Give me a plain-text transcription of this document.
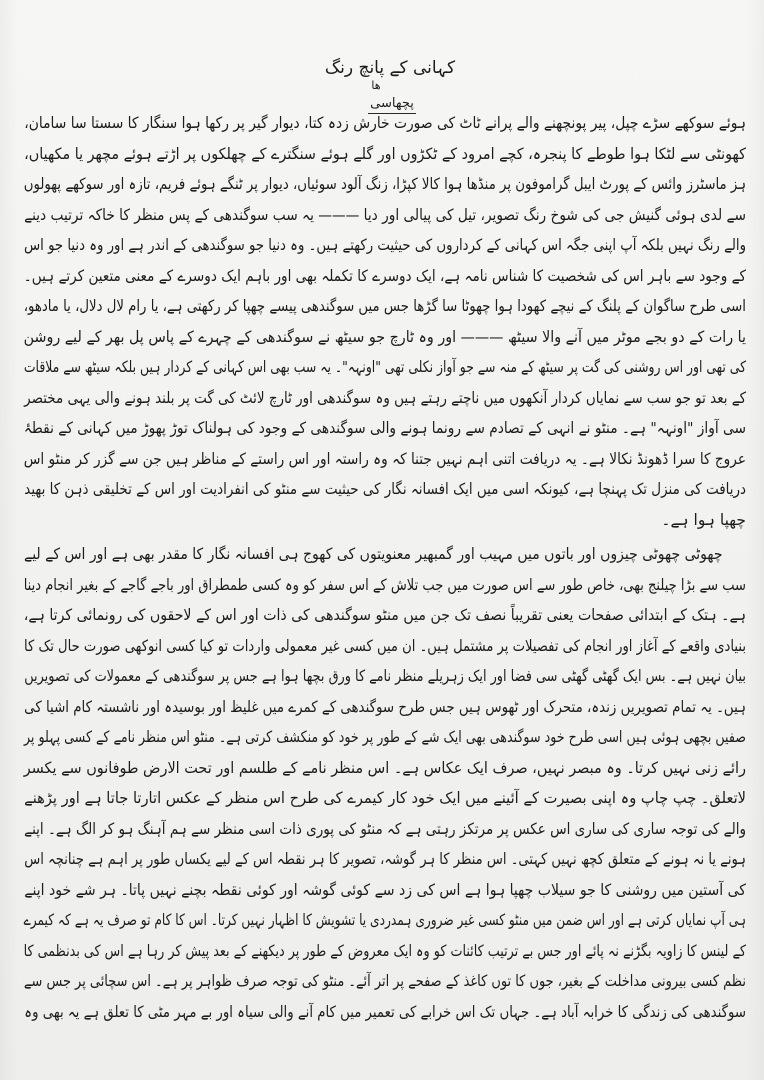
کہانی کے پانچ رنگ
ھا
پچھاسی
ہوئے سوکھے سڑے چپل، پیر پونچھنے والے پرانے ٹاٹ کی صورت خارش زدہ کتا، دیوار گیر پر رکھا ہوا سنگار کا سستا سا سامان،
کھونٹی سے لٹکا ہوا طوطے کا پنجرہ، کچے امرود کے ٹکڑوں اور گلے ہوئے سنگترے کے چھلکوں پر اڑتے ہوئے مچھر یا مکھیاں،
ہز ماسٹرز وائس کے پورٹ ایبل گراموفون پر منڈھا ہوا کالا کپڑا، زنگ آلود سوئیاں، دیوار پر ٹنگے ہوئے فریم، تازہ اور سوکھے پھولوں
سے لدی ہوئی گنیش جی کی شوخ رنگ تصویر، تیل کی پیالی اور دیا ——— یہ سب سوگندھی کے پس منظر کا خاکہ ترتیب دینے
والے رنگ نہیں بلکہ آپ اپنی جگہ اس کہانی کے کرداروں کی حیثیت رکھتے ہیں۔ وہ دنیا جو سوگندھی کے اندر ہے اور وہ دنیا جو اس
کے وجود سے باہر اس کی شخصیت کا شناس نامہ ہے، ایک دوسرے کا تکملہ بھی اور باہم ایک دوسرے کے معنی متعین کرتے ہیں۔
اسی طرح ساگوان کے پلنگ کے نیچے کھودا ہوا چھوٹا سا گڑھا جس میں سوگندھی پیسے چھپا کر رکھتی ہے، یا رام لال دلال، یا مادھو،
یا رات کے دو بجے موٹر میں آنے والا سیٹھ ——— اور وہ ٹارچ جو سیٹھ نے سوگندھی کے چہرے کے پاس پل بھر کے لیے روشن
کی تھی اور اس روشنی کی گت پر سیٹھ کے منہ سے جو آواز نکلی تھی "اونہہ"۔ یہ سب بھی اس کہانی کے کردار ہیں بلکہ سیٹھ سے ملاقات
کے بعد تو جو سب سے نمایاں کردار آنکھوں میں ناچتے رہتے ہیں وہ سوگندھی اور ٹارچ لائٹ کی گت پر بلند ہونے والی یہی مختصر
سی آواز "اونہہ" ہے۔ منٹو نے انہی کے تصادم سے رونما ہونے والی سوگندھی کے وجود کی ہولناک توڑ پھوڑ میں کہانی کے نقطۂ
عروج کا سرا ڈھونڈ نکالا ہے۔ یہ دریافت اتنی اہم نہیں جتنا کہ وہ راستہ اور اس راستے کے مناظر ہیں جن سے گزر کر منٹو اس
دریافت کی منزل تک پہنچا ہے، کیونکہ اسی میں ایک افسانہ نگار کی حیثیت سے منٹو کی انفرادیت اور اس کے تخلیقی ذہن کا بھید
چھپا ہوا ہے۔
چھوٹی چھوٹی چیزوں اور باتوں میں مہیب اور گمبھیر معنویتوں کی کھوج ہی افسانہ نگار کا مقدر بھی ہے اور اس کے لیے
سب سے بڑا چیلنج بھی، خاص طور سے اس صورت میں جب تلاش کے اس سفر کو وہ کسی طمطراق اور باجے گاجے کے بغیر انجام دینا
ہے۔ ہتک کے ابتدائی صفحات یعنی تقریباً نصف تک جن میں منٹو سوگندھی کی ذات اور اس کے لاحقوں کی رونمائی کرتا ہے،
بنیادی واقعے کے آغاز اور انجام کی تفصیلات پر مشتمل ہیں۔ ان میں کسی غیر معمولی واردات تو کیا کسی انوکھی صورت حال تک کا
بیان نہیں ہے۔ بس ایک گھٹی گھٹی سی فضا اور ایک زہریلے منظر نامے کا ورق بچھا ہوا ہے جس پر سوگندھی کے معمولات کی تصویریں
ہیں۔ یہ تمام تصویریں زندہ، متحرک اور ٹھوس ہیں جس طرح سوگندھی کے کمرے میں غلیظ اور بوسیدہ اور ناشستہ کام اشیا کی
صفیں بچھی ہوئی ہیں اسی طرح خود سوگندھی بھی ایک شے کے طور پر خود کو منکشف کرتی ہے۔ منٹو اس منظر نامے کے کسی پہلو پر
رائے زنی نہیں کرتا۔ وہ مبصر نہیں، صرف ایک عکاس ہے۔ اس منظر نامے کے طلسم اور تحت الارض طوفانوں سے یکسر
لاتعلق۔ چپ چاپ وہ اپنی بصیرت کے آئینے میں ایک خود کار کیمرے کی طرح اس منظر کے عکس اتارتا جاتا ہے اور پڑھنے
والے کی توجہ ساری کی ساری اس عکس پر مرتکز رہتی ہے کہ منٹو کی پوری ذات اسی منظر سے ہم آہنگ ہو کر الگ ہے۔ اپنے
ہونے یا نہ ہونے کے متعلق کچھ نہیں کہتی۔ اس منظر کا ہر گوشہ، تصویر کا ہر نقطہ اس کے لیے یکساں طور پر اہم ہے چنانچہ اس
کی آستین میں روشنی کا جو سیلاب چھپا ہوا ہے اس کی زد سے کوئی گوشہ اور کوئی نقطہ بچنے نہیں پاتا۔ ہر شے خود اپنے
ہی آپ نمایاں کرتی ہے اور اس ضمن میں منٹو کسی غیر ضروری ہمدردی یا تشویش کا اظہار نہیں کرتا۔ اس کا کام تو صرف یہ ہے کہ کیمرے
کے لینس کا زاویہ بگڑنے نہ پائے اور جس بے ترتیب کائنات کو وہ ایک معروض کے طور پر دیکھنے کے بعد پیش کر رہا ہے اس کی بدنظمی کا
نظم کسی بیرونی مداخلت کے بغیر، جوں کا توں کاغذ کے صفحے پر اتر آئے۔ منٹو کی توجہ صرف ظواہر پر ہے۔ اس سچائی پر جس سے
سوگندھی کی زندگی کا خرابہ آباد ہے۔ جہاں تک اس خرابے کی تعمیر میں کام آنے والی سیاہ اور بے مہر مٹی کا تعلق ہے یہ بھی وہ
